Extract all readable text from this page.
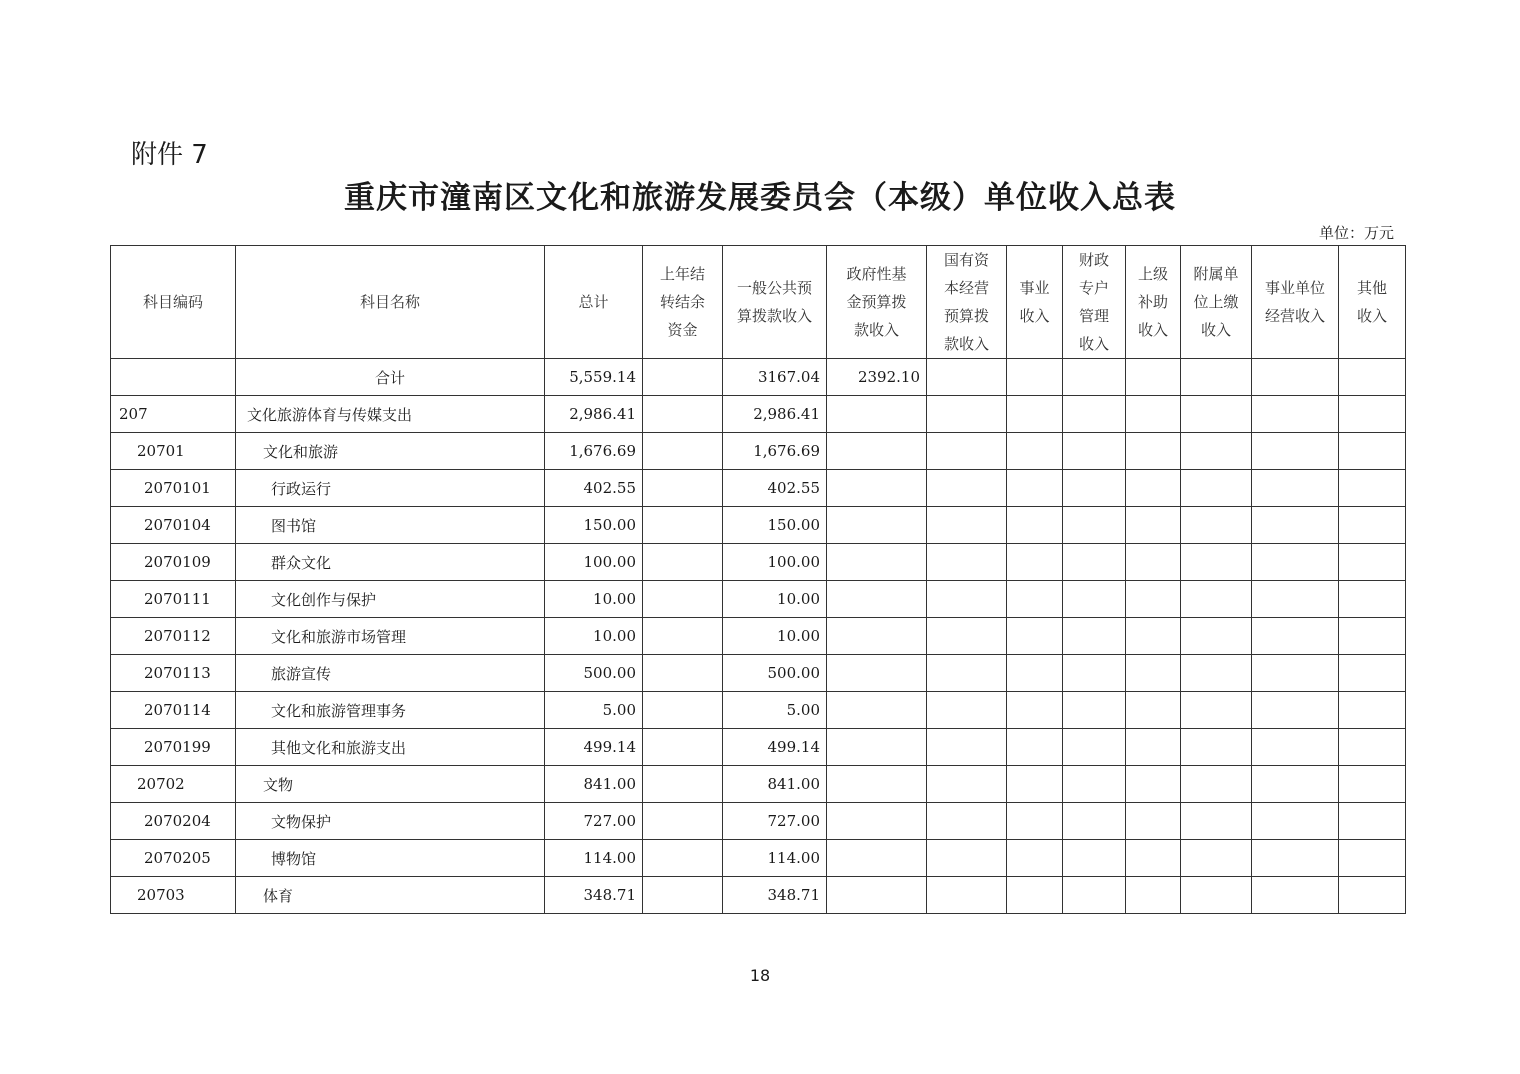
附件 7
重庆市潼南区文化和旅游发展委员会（本级）单位收入总表
单位：万元
科目编码	科目名称	总计	上年结转结余资金	一般公共预算拨款收入	政府性基金预算拨款收入	国有资本经营预算拨款收入	事业收入	财政专户管理收入	上级补助收入	附属单位上缴收入	事业单位经营收入	其他收入
	合计	5,559.14		3167.04	2392.10							
207	文化旅游体育与传媒支出	2,986.41		2,986.41								
20701	文化和旅游	1,676.69		1,676.69								
2070101	行政运行	402.55		402.55								
2070104	图书馆	150.00		150.00								
2070109	群众文化	100.00		100.00								
2070111	文化创作与保护	10.00		10.00								
2070112	文化和旅游市场管理	10.00		10.00								
2070113	旅游宣传	500.00		500.00								
2070114	文化和旅游管理事务	5.00		5.00								
2070199	其他文化和旅游支出	499.14		499.14								
20702	文物	841.00		841.00								
2070204	文物保护	727.00		727.00								
2070205	博物馆	114.00		114.00								
20703	体育	348.71		348.71								
18
